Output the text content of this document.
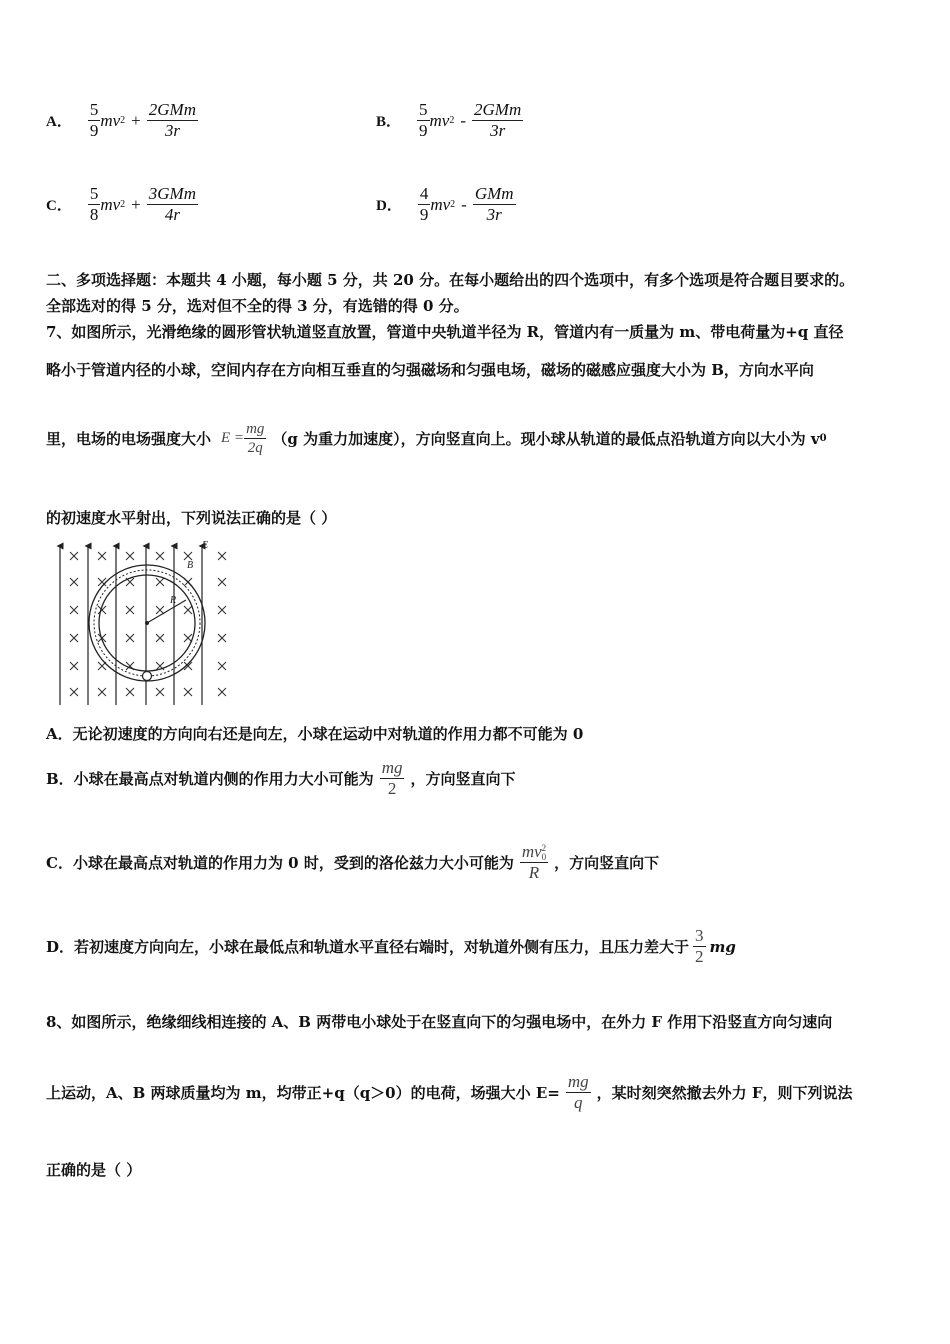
A． $\frac{5}{9}$ mv $2 + \frac{\text{2GMm}}{3r}$	B． $\frac{5}{9}$ mv $2 - \frac{\text{2GMm}}{3r}$
C． $\frac{5}{8}$ mv $2 + \frac{\text{3GMm}}{4r}$	D． $\frac{4}{9}$ mv $2 - \frac{\text{GMm}}{3r}$
二、多项选择题：本题共 4 小题，每小题 5 分，共 20 分。在每小题给出的四个选项中，有多个选项是符合题目要求的。
全部选对的得 5 分，选对但不全的得 3 分，有选错的得 0 分。
7、如图所示，光滑绝缘的圆形管状轨道竖直放置，管道中央轨道半径为 R，管道内有一质量为 m、带电荷量为+q 直径
略小于管道内径的小球，空间内存在方向相互垂直的匀强磁场和匀强电场，磁场的磁感应强度大小为 B，方向水平向
里，电场的电场强度大小 $E = \frac{mg}{2q} (g$ 为重力加速度），方向竖直向上。现小球从轨道的最低点沿轨道方向以大小为 v 0
的初速度水平射出，下列说法正确的是（ ）
E
B
R
A．无论初速度的方向向右还是向左，小球在运动中对轨道的作用力都不可能为 0
B．小球在最高点对轨道内侧的作用力大小可能为 $\frac{mg}{2}$ ，方向竖直向下
C．小球在最高点对轨道的作用力为 0 时，受到的洛伦兹力大小可能为 mv 2
0
R ，方向竖直向下
D．若初速度方向向左，小球在最低点和轨道水平直径右端时，对轨道外侧有压力，且压力差大于 $\frac{3}{2}$ mg
8、如图所示，绝缘细线相连接的 A、B 两带电小球处于在竖直向下的匀强电场中，在外力 F 作用下沿竖直方向匀速向
上运动，A、B 两球质量均为 m，均带正+q（q＞0）的电荷，场强大小 $E= \frac{mg}{q}$ ，某时刻突然撤去外力 F，则下列说法
正确的是（ ）
